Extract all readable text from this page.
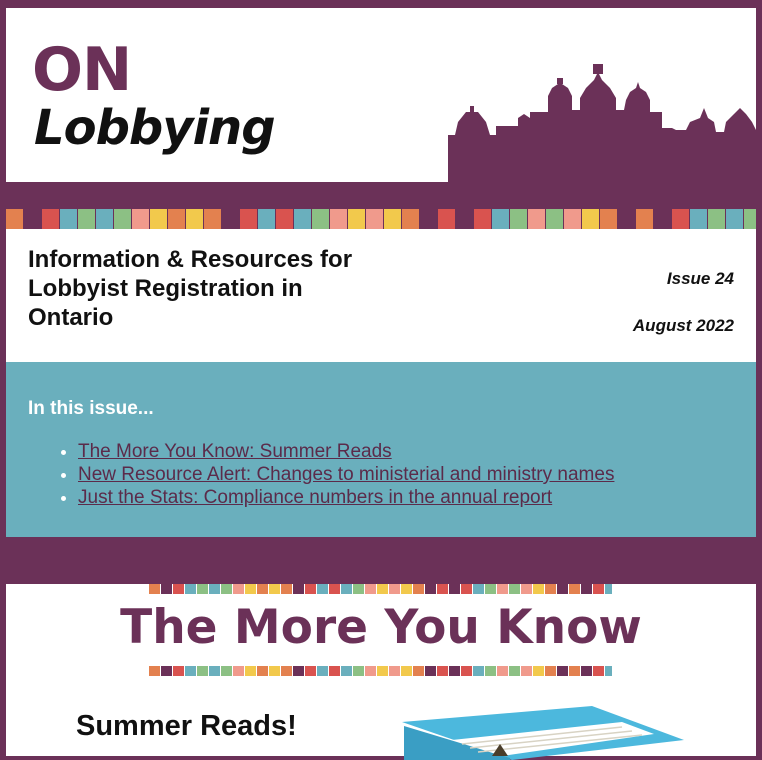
ON
Lobbying
Information & Resources for Lobbyist Registration in Ontario
Issue 24
August 2022
In this issue...
• The More You Know: Summer Reads
• New Resource Alert: Changes to ministerial and ministry names
• Just the Stats: Compliance numbers in the annual report
The More You Know
Summer Reads!
